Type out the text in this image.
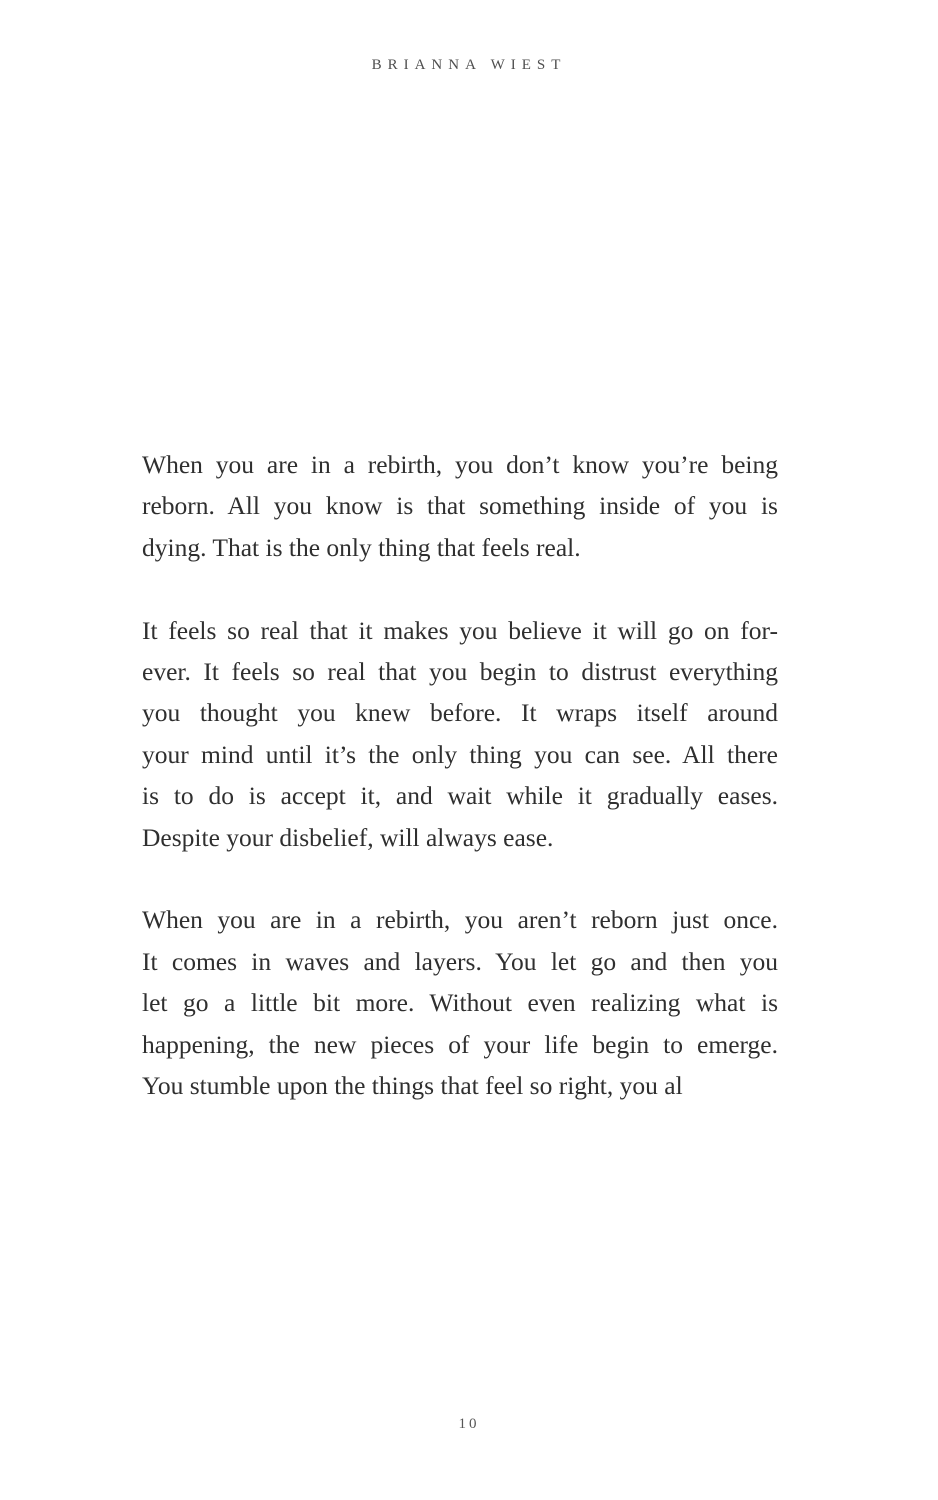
BRIANNA WIEST
When you are in a rebirth, you don’t know you’re being
reborn. All you know is that something inside of you is
dying. That is the only thing that feels real.
It feels so real that it makes you believe it will go on for-
ever. It feels so real that you begin to distrust everything
you thought you knew before. It wraps itself around
your mind until it’s the only thing you can see. All there
is to do is accept it, and wait while it gradually eases.
Despite your disbelief, will always ease.
When you are in a rebirth, you aren’t reborn just once.
It comes in waves and layers. You let go and then you
let go a little bit more. Without even realizing what is
happening, the new pieces of your life begin to emerge.
You stumble upon the things that feel so right, you al
10
